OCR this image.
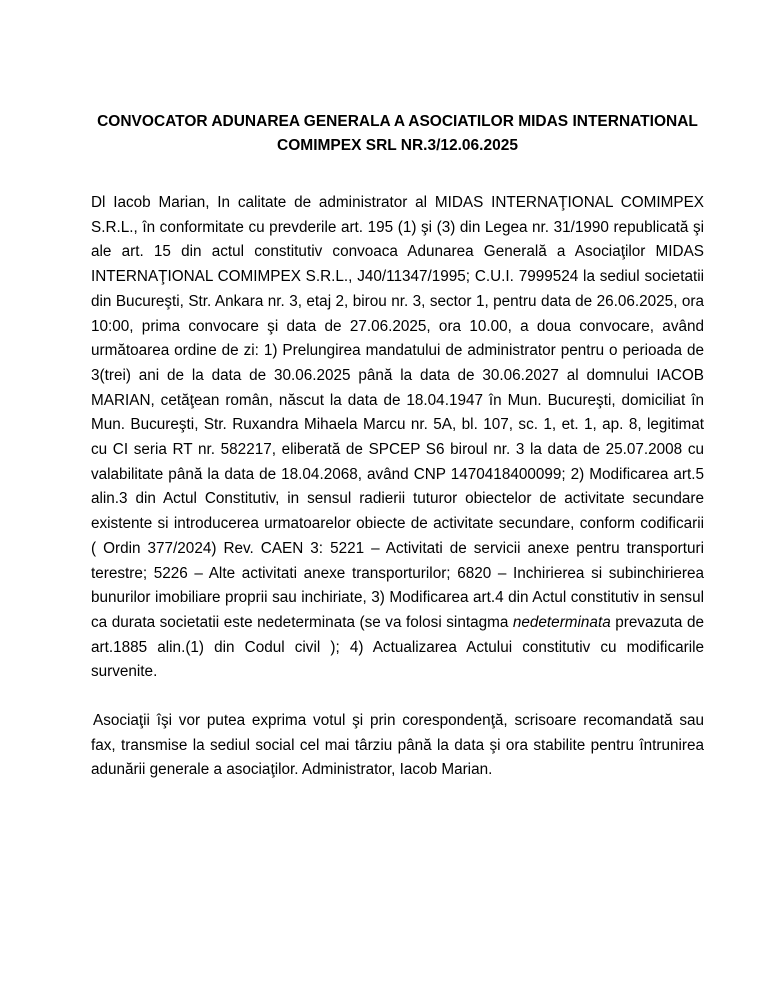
CONVOCATOR ADUNAREA GENERALA A ASOCIATILOR MIDAS INTERNATIONAL
COMIMPEX SRL NR.3/12.06.2025

Dl Iacob Marian, In calitate de administrator al MIDAS INTERNAŢIONAL COMIMPEX S.R.L., în conformitate cu prevderile art. 195 (1) şi (3) din Legea nr. 31/1990 republicată şi ale art. 15 din actul constitutiv convoaca Adunarea Generală a Asociaţilor MIDAS INTERNAŢIONAL COMIMPEX S.R.L., J40/11347/1995; C.U.I. 7999524 la sediul societatii din Bucureşti, Str. Ankara nr. 3, etaj 2, birou nr. 3, sector 1, pentru data de 26.06.2025, ora 10:00, prima convocare şi data de 27.06.2025, ora 10.00, a doua convocare, având următoarea ordine de zi: 1) Prelungirea mandatului de administrator pentru o perioada de 3(trei) ani de la data de 30.06.2025 până la data de 30.06.2027 al domnului IACOB MARIAN, cetăţean român, născut la data de 18.04.1947 în Mun. Bucureşti, domiciliat în Mun. Bucureşti, Str. Ruxandra Mihaela Marcu nr. 5A, bl. 107, sc. 1, et. 1, ap. 8, legitimat cu CI seria RT nr. 582217, eliberată de SPCEP S6 biroul nr. 3 la data de 25.07.2008 cu valabilitate până la data de 18.04.2068, având CNP 1470418400099; 2) Modificarea art.5 alin.3 din Actul Constitutiv, in sensul radierii tuturor obiectelor de activitate secundare existente si introducerea urmatoarelor obiecte de activitate secundare, conform codificarii ( Ordin 377/2024) Rev. CAEN 3: 5221 – Activitati de servicii anexe pentru transporturi terestre; 5226 – Alte activitati anexe transporturilor; 6820 – Inchirierea si subinchirierea bunurilor imobiliare proprii sau inchiriate, 3) Modificarea art.4 din Actul constitutiv in sensul ca durata societatii este nedeterminata (se va folosi sintagma nedeterminata prevazuta de art.1885 alin.(1) din Codul civil ); 4) Actualizarea Actului constitutiv cu modificarile survenite.

Asociaţii îşi vor putea exprima votul şi prin corespondenţă, scrisoare recomandată sau fax, transmise la sediul social cel mai târziu până la data şi ora stabilite pentru întrunirea adunării generale a asociaţilor. Administrator, Iacob Marian.
